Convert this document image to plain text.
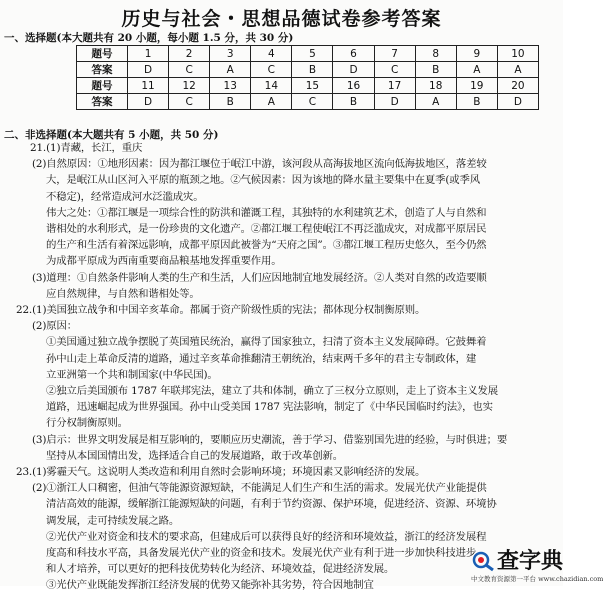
历史与社会・思想品德试卷参考答案
一、选择题(本大题共有 20 小题，每小题 1.5 分，共 30 分)
题号	1	2	3	4	5	6	7	8	9	10
答案	D	C	A	C	B	D	C	B	A	A
题号	11	12	13	14	15	16	17	18	19	20
答案	D	C	B	A	C	B	D	A	B	D
二、非选择题(本大题共有 5 小题，共 50 分)
21.(1)青藏，长江，重庆
(2)自然原因：①地形因素：因为都江堰位于岷江中游，该河段从高海拔地区流向低海拔地区，落差较
大，是岷江从山区河入平原的瓶颈之地。②气候因素：因为该地的降水量主要集中在夏季(或季风
不稳定)，经常造成河水泛滥成灾。
伟大之处：①都江堰是一项综合性的防洪和灌溉工程，其独特的水利建筑艺术，创造了人与自然和
谐相处的水利形式，是一份珍贵的文化遗产。②都江堰工程使岷江不再泛滥成灾，对成都平原居民
的生产和生活有着深远影响，成都平原因此被誉为“天府之国”。③都江堰工程历史悠久，至今仍然
为成都平原成为西南重要商品粮基地发挥重要作用。
(3)道理：①自然条件影响人类的生产和生活，人们应因地制宜地发展经济。②人类对自然的改造要顺
应自然规律，与自然和谐相处等。
22.(1)美国独立战争和中国辛亥革命。都属于资产阶级性质的宪法；都体现分权制衡原则。
(2)原因：
①美国通过独立战争摆脱了英国殖民统治，赢得了国家独立，扫清了资本主义发展障碍。它鼓舞着
孙中山走上革命反清的道路，通过辛亥革命推翻清王朝统治，结束两千多年的君主专制政体，建
立亚洲第一个共和制国家(中华民国)。
②独立后美国颁布 1787 年联邦宪法，建立了共和体制，确立了三权分立原则，走上了资本主义发展
道路，迅速崛起成为世界强国。孙中山受美国 1787 宪法影响，制定了《中华民国临时约法》，也实
行分权制衡原则。
(3)启示：世界文明发展是相互影响的，要顺应历史潮流，善于学习、借鉴别国先进的经验，与时俱进；要
坚持从本国国情出发，选择适合自己的发展道路，敢于改革创新。
23.(1)雾霾天气。这说明人类改造和利用自然时会影响环境；环境因素又影响经济的发展。
(2)①浙江人口稠密，但油气等能源资源短缺，不能满足人们生产和生活的需求。发展光伏产业能提供
清洁高效的能源，缓解浙江能源短缺的问题，有利于节约资源、保护环境，促进经济、资源、环境协
调发展，走可持续发展之路。
②光伏产业对资金和技术的要求高，但建成后可以获得良好的经济和环境效益，浙江的经济发展程
度高和科技水平高，具备发展光伏产业的资金和技术。发展光伏产业有利于进一步加快科技进步
和人才培养，可以更好的把科技优势转化为经济、环境效益，促进经济发展。
③光伏产业既能发挥浙江经济发展的优势又能弥补其劣势，符合因地制宜
查字典
中文教育资源第一平台 www.chazidian.com
